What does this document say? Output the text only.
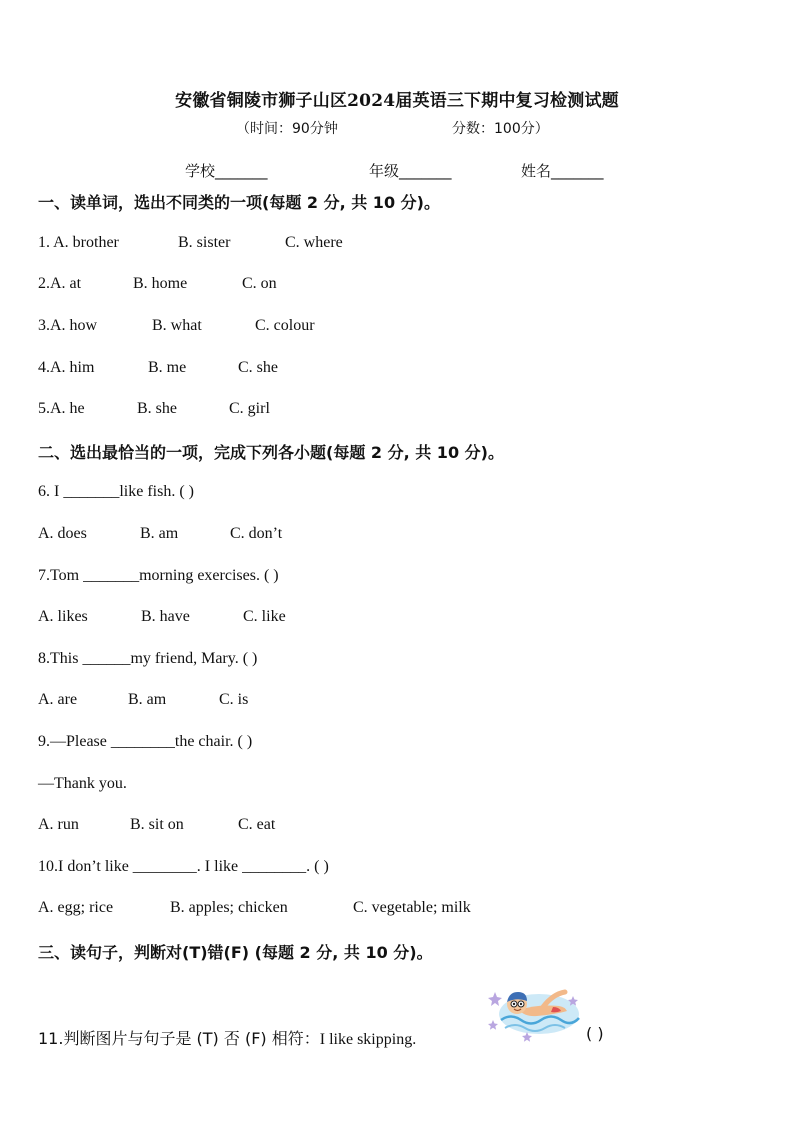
安徽省铜陵市狮子山区2024届英语三下期中复习检测试题
（时间：90分钟	分数：100分）
学校_______	年级_______	姓名_______
一、读单词，选出不同类的一项(每题 2 分, 共 10 分)。
1. A. brother	B. sister	C. where
2.A. at	B. home	C. on
3.A. how	B. what	C. colour
4.A. him	B. me	C. she
5.A. he	B. she	C. girl
二、选出最恰当的一项，完成下列各小题(每题 2 分, 共 10 分)。
6. I _______like fish. ( )
A. does	B. am	C. don’t
7.Tom _______morning exercises. ( )
A. likes	B. have	C. like
8.This ______my friend, Mary. ( )
A. are	B. am	C. is
9.—Please ________the chair. ( )
—Thank you.
A. run	B. sit on	C. eat
10.I don’t like ________. I like ________. ( )
A. egg; rice	B. apples; chicken	C. vegetable; milk
三、读句子，判断对(T)错(F) (每题 2 分, 共 10 分)。
11.判断图片与句子是 (T) 否 (F) 相符：I like skipping.	( )
